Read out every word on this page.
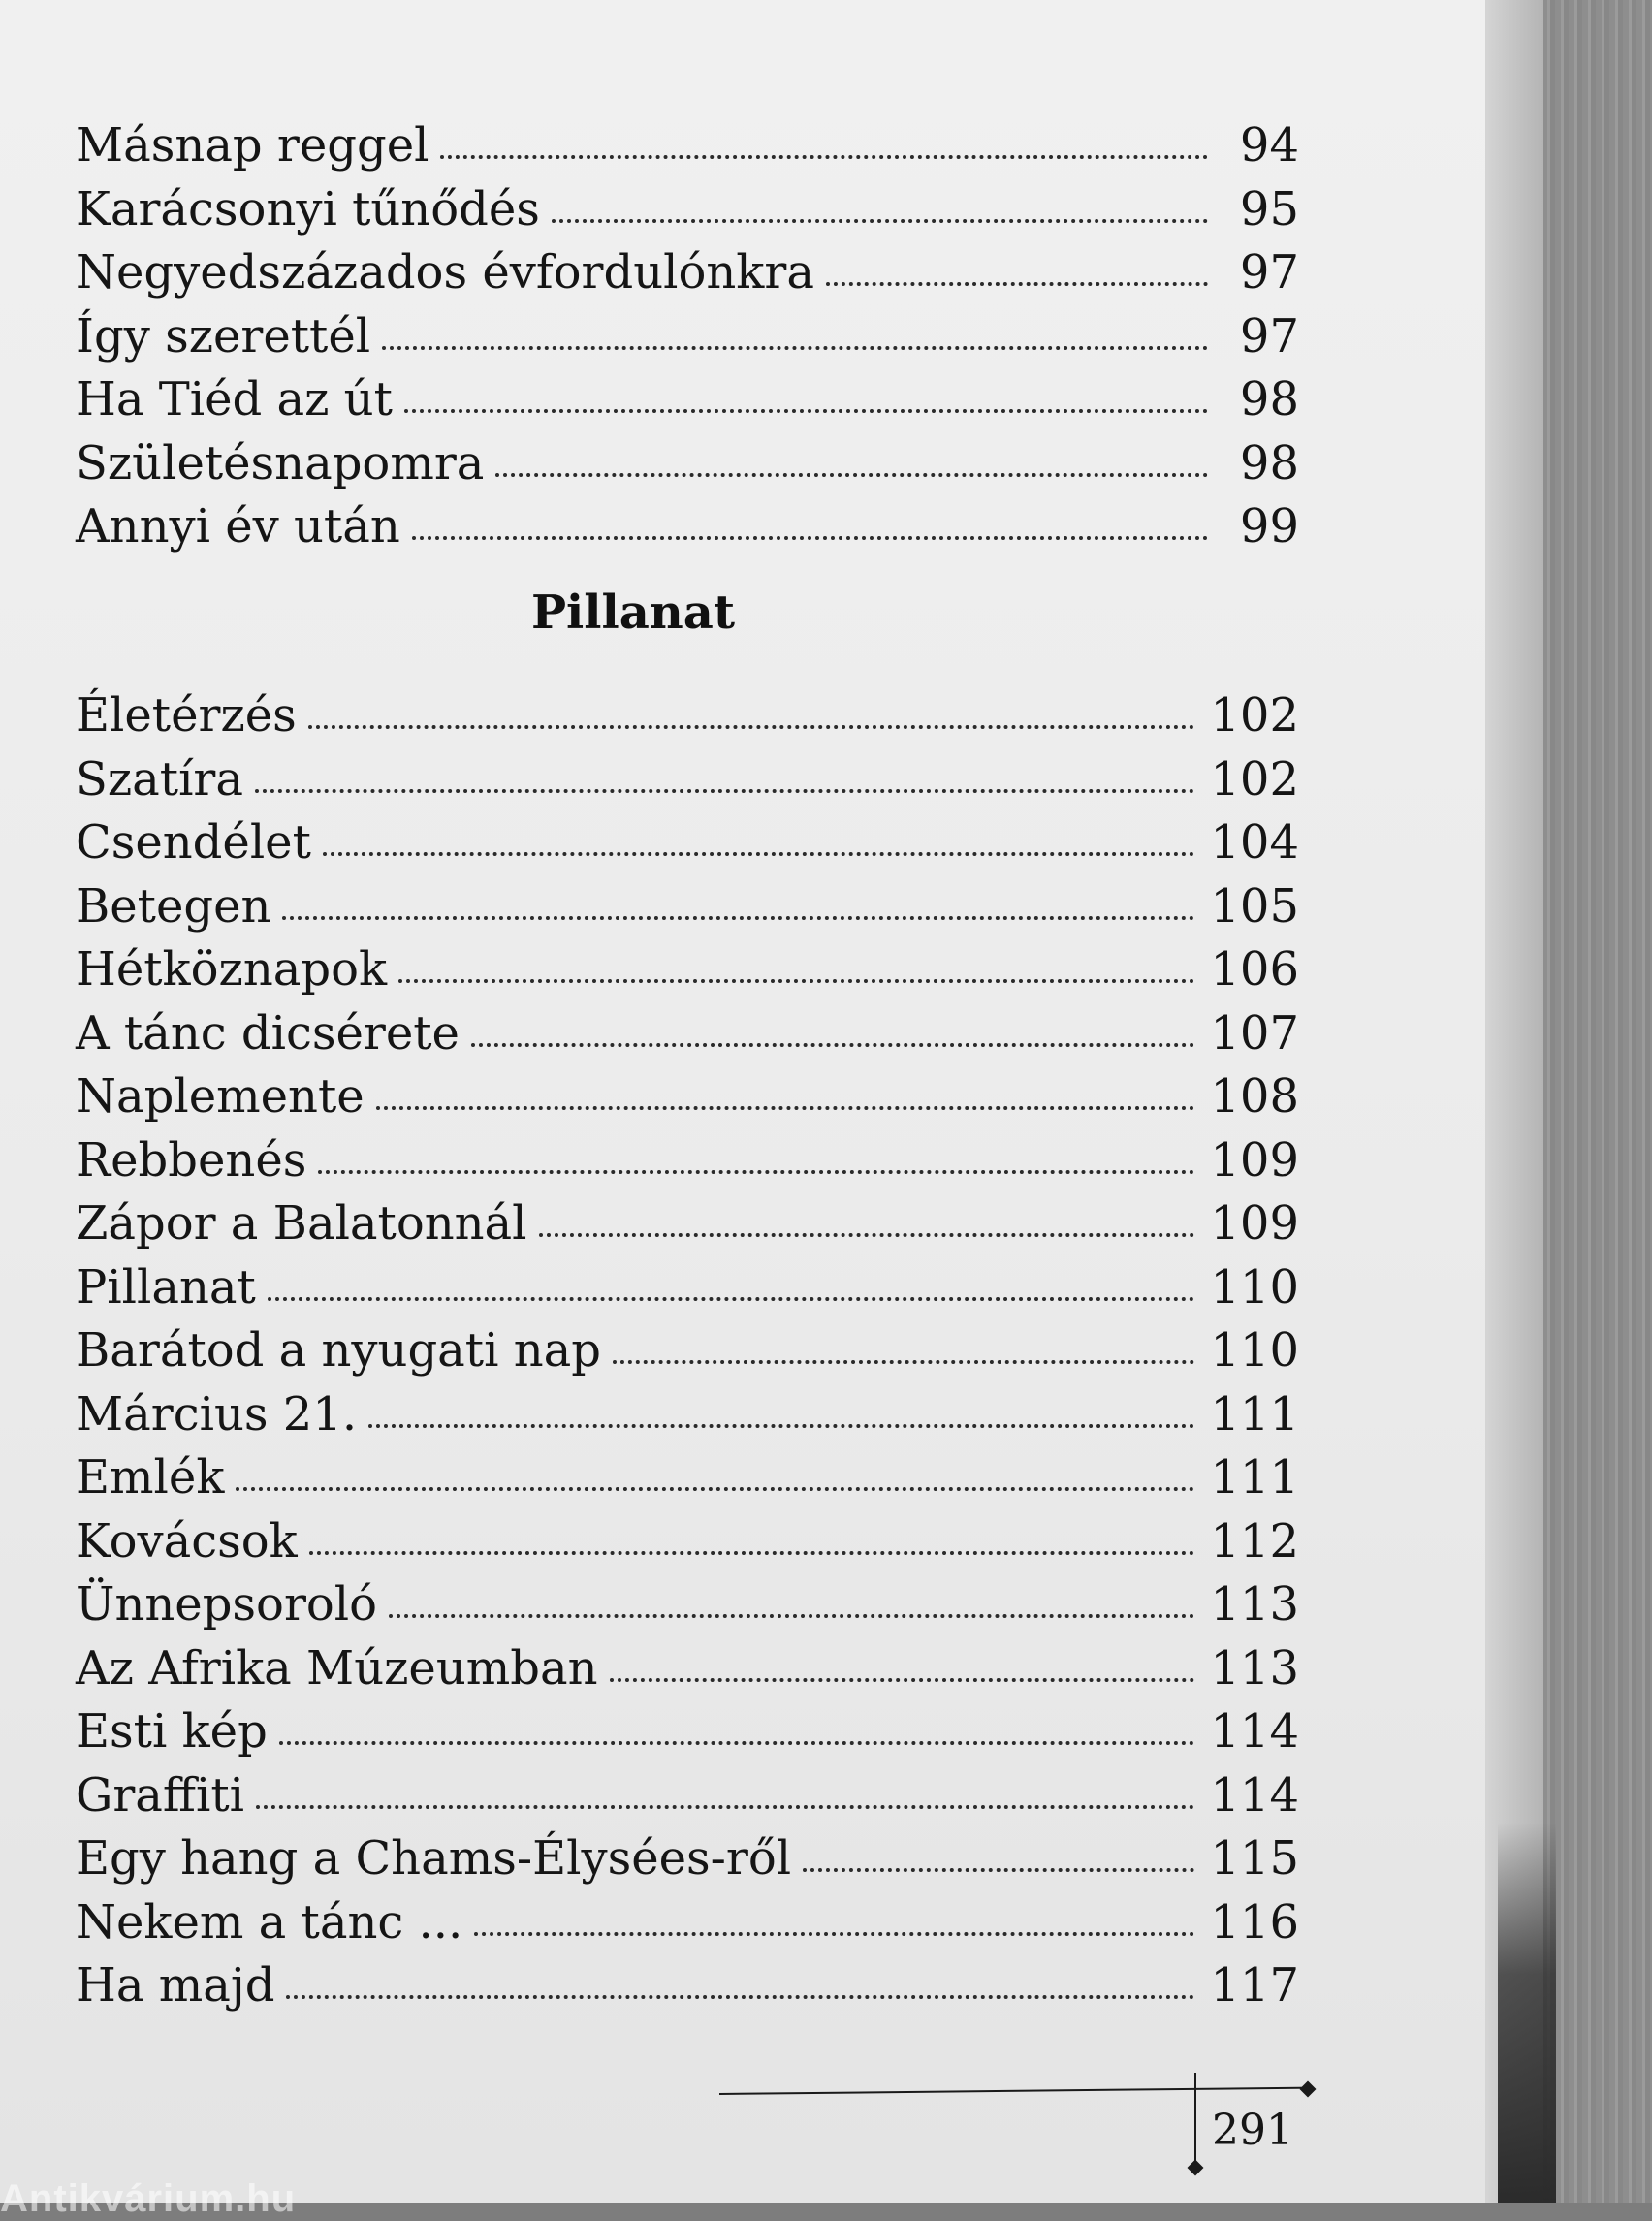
Másnap reggel	94
Karácsonyi tűnődés	95
Negyedszázados évfordulónkra	97
Így szerettél	97
Ha Tiéd az út	98
Születésnapomra	98
Annyi év után	99
Pillanat
Életérzés	102
Szatíra	102
Csendélet	104
Betegen	105
Hétköznapok	106
A tánc dicsérete	107
Naplemente	108
Rebbenés	109
Zápor a Balatonnál	109
Pillanat	110
Barátod a nyugati nap	110
Március 21.	111
Emlék	111
Kovácsok	112
Ünnepsoroló	113
Az Afrika Múzeumban	113
Esti kép	114
Graffiti	114
Egy hang a Chams-Élysées-ről	115
Nekem a tánc ...	116
Ha majd	117
291
Antikvárium.hu
